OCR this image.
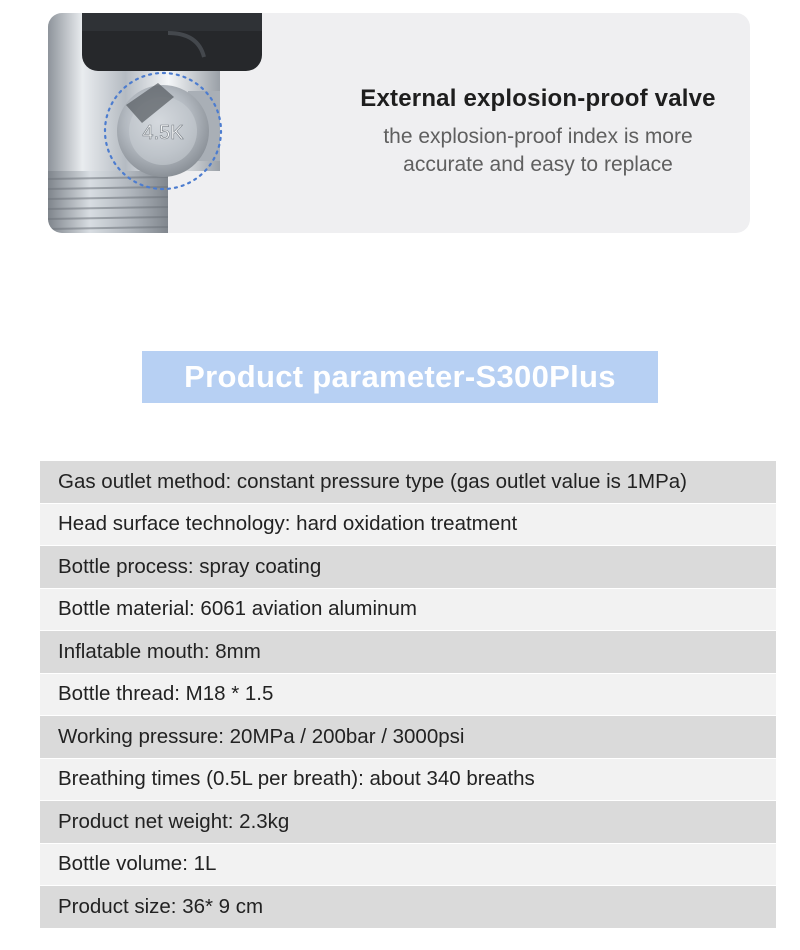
4.5K
External explosion-proof valve
the explosion-proof index is more
accurate and easy to replace
Product parameter-S300Plus
Gas outlet method: constant pressure type (gas outlet value is 1MPa)
Head surface technology: hard oxidation treatment
Bottle process: spray coating
Bottle material: 6061 aviation aluminum
Inflatable mouth: 8mm
Bottle thread: M18 * 1.5
Working pressure: 20MPa / 200bar / 3000psi
Breathing times (0.5L per breath): about 340 breaths
Product net weight: 2.3kg
Bottle volume: 1L
Product size: 36* 9 cm
